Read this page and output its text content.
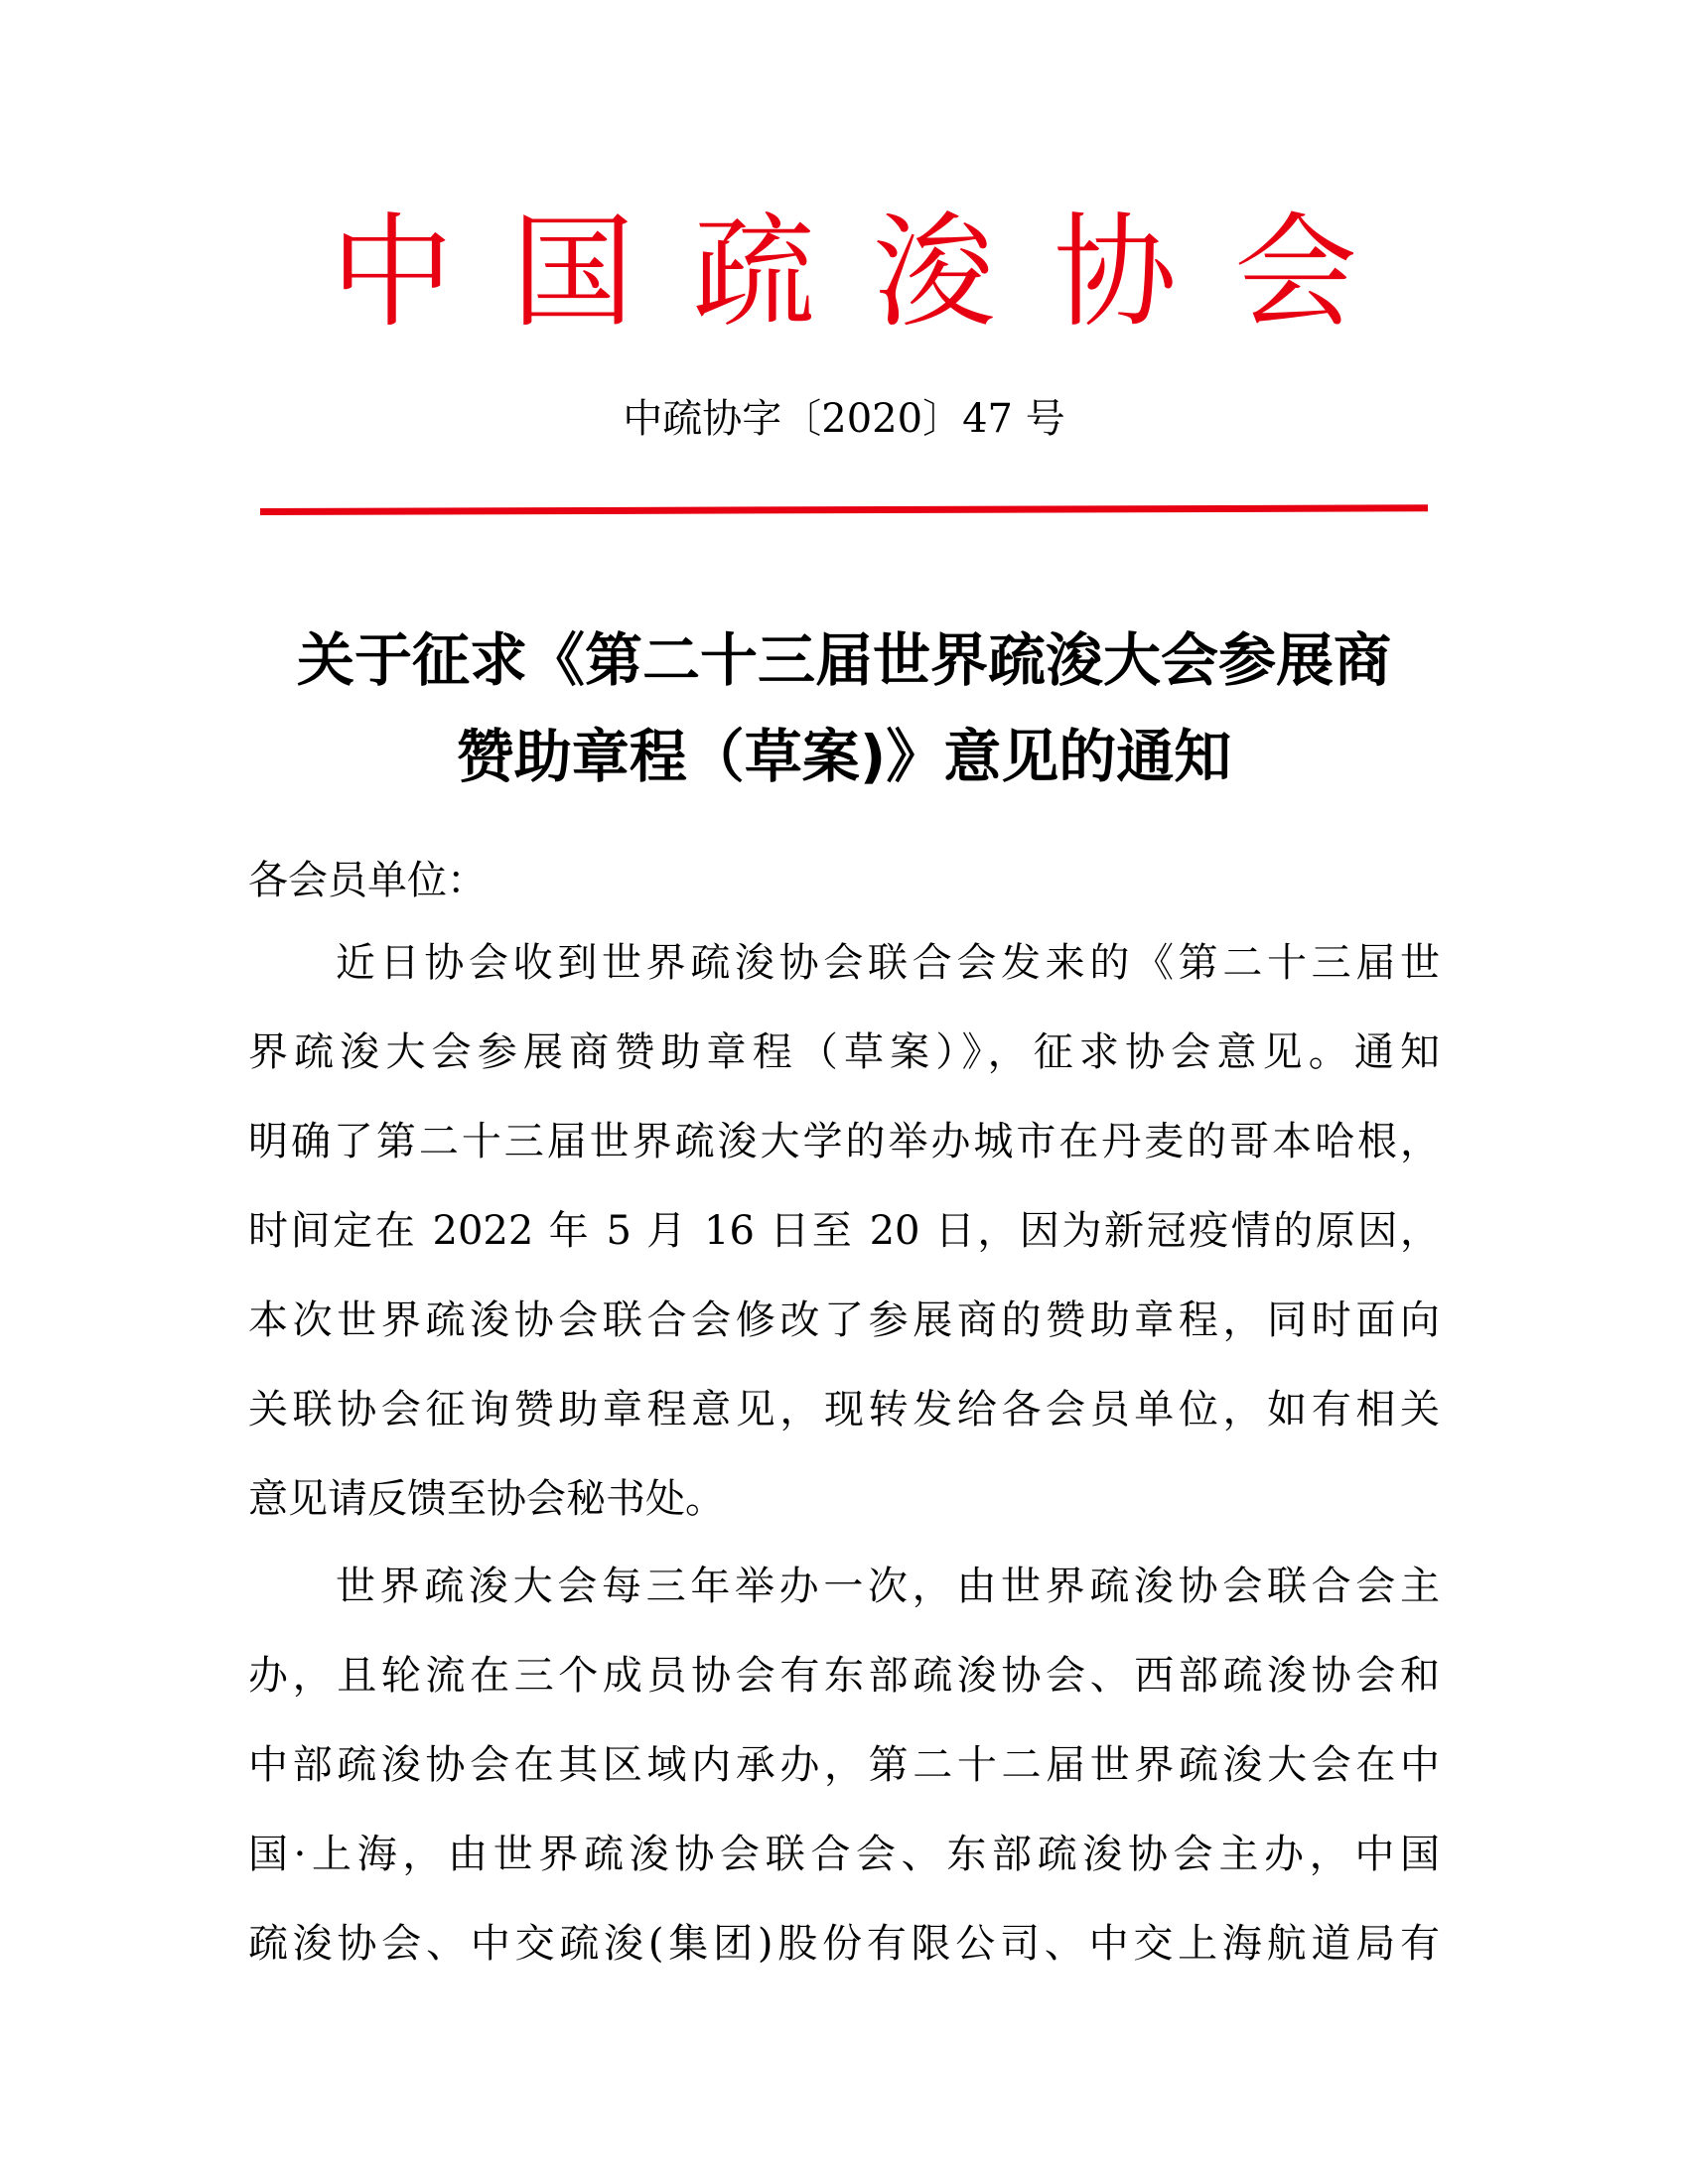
中国疏浚协会
中疏协字〔2020〕47 号
关于征求《第二十三届世界疏浚大会参展商
赞助章程（草案)》意见的通知
各会员单位：
近日协会收到世界疏浚协会联合会发来的《第二十三届世
界疏浚大会参展商赞助章程（草案）》，征求协会意见。通知
明确了第二十三届世界疏浚大学的举办城市在丹麦的哥本哈根，
时间定在 2022 年 5 月 16 日至 20 日，因为新冠疫情的原因，
本次世界疏浚协会联合会修改了参展商的赞助章程，同时面向
关联协会征询赞助章程意见，现转发给各会员单位，如有相关
意见请反馈至协会秘书处。
世界疏浚大会每三年举办一次，由世界疏浚协会联合会主
办，且轮流在三个成员协会有东部疏浚协会、西部疏浚协会和
中部疏浚协会在其区域内承办，第二十二届世界疏浚大会在中
国·上海，由世界疏浚协会联合会、东部疏浚协会主办，中国
疏浚协会、中交疏浚(集团)股份有限公司、中交上海航道局有
